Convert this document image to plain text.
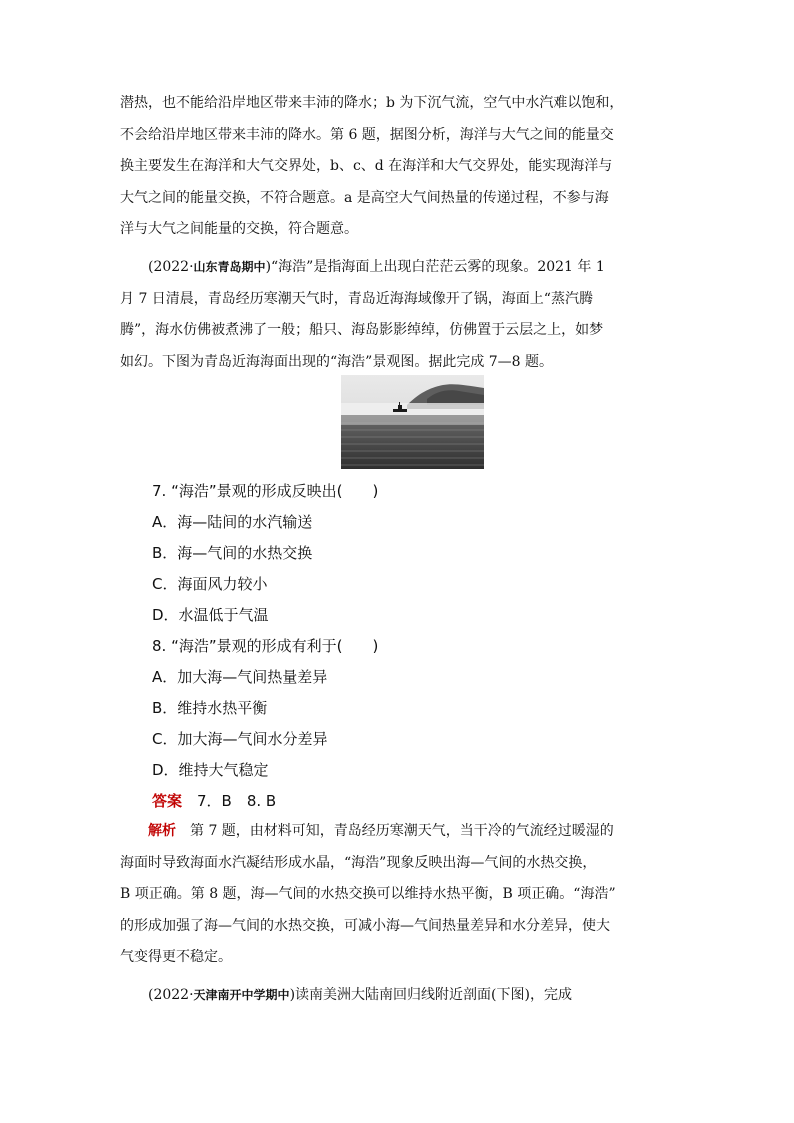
潜热，也不能给沿岸地区带来丰沛的降水；b 为下沉气流，空气中水汽难以饱和，
不会给沿岸地区带来丰沛的降水。第 6 题，据图分析，海洋与大气之间的能量交
换主要发生在海洋和大气交界处，b、c、d 在海洋和大气交界处，能实现海洋与
大气之间的能量交换，不符合题意。a 是高空大气间热量的传递过程，不参与海
洋与大气之间能量的交换，符合题意。
(2022·山东青岛期中)“海浩”是指海面上出现白茫茫云雾的现象。2021 年 1
月 7 日清晨，青岛经历寒潮天气时，青岛近海海域像开了锅，海面上“蒸汽腾
腾”，海水仿佛被煮沸了一般；船只、海岛影影绰绰，仿佛置于云层之上，如梦
如幻。下图为青岛近海海面出现的“海浩”景观图。据此完成 7—8 题。
7. “海浩”景观的形成反映出(　　)
A．海—陆间的水汽输送
B．海—气间的水热交换
C．海面风力较小
D．水温低于气温
8. “海浩”景观的形成有利于(　　)
A．加大海—气间热量差异
B．维持水热平衡
C．加大海—气间水分差异
D．维持大气稳定
答案　7．B　8. B
解析　第 7 题，由材料可知，青岛经历寒潮天气，当干冷的气流经过暖湿的
海面时导致海面水汽凝结形成水晶，“海浩”现象反映出海—气间的水热交换，
B 项正确。第 8 题，海—气间的水热交换可以维持水热平衡，B 项正确。“海浩”
的形成加强了海—气间的水热交换，可减小海—气间热量差异和水分差异，使大
气变得更不稳定。
(2022·天津南开中学期中)读南美洲大陆南回归线附近剖面(下图)，完成
